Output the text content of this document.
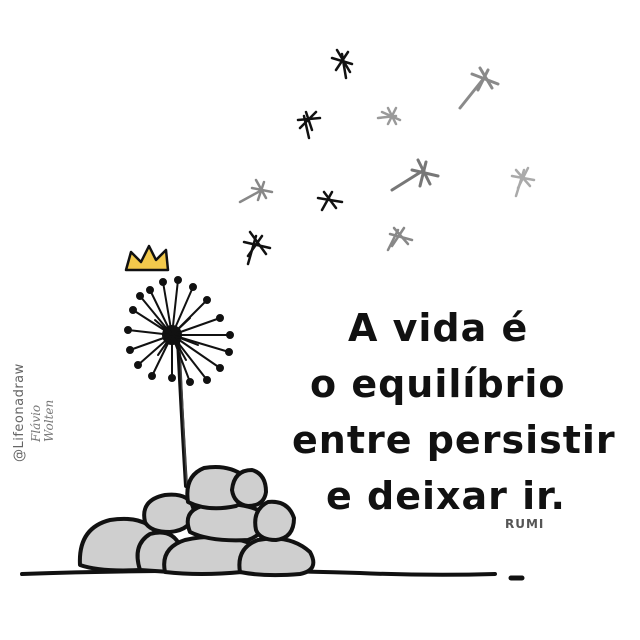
A vida é
o equilíbrio
entre persistir
e deixar ir.
RUMI
@Lifeonadraw Flávio Wolten
